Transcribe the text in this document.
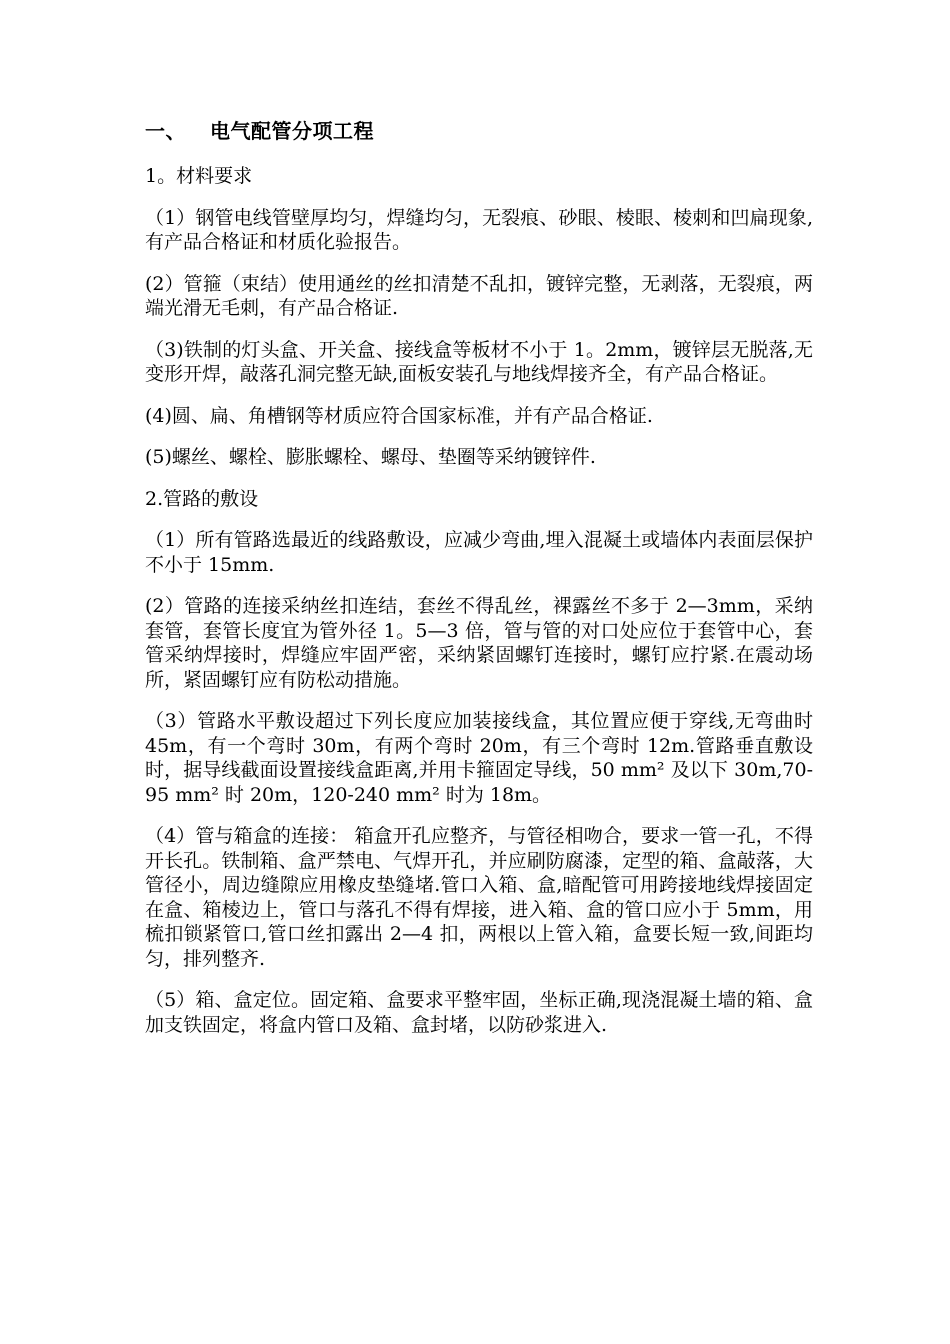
一、 电气配管分项工程

1。材料要求

（1）钢管电线管壁厚均匀，焊缝均匀，无裂痕、砂眼、棱眼、棱刺和凹扁现象,有产品合格证和材质化验报告。

(2）管箍（束结）使用通丝的丝扣清楚不乱扣，镀锌完整，无剥落，无裂痕，两端光滑无毛刺，有产品合格证.

（3)铁制的灯头盒、开关盒、接线盒等板材不小于 1。2mm，镀锌层无脱落,无变形开焊，敲落孔洞完整无缺,面板安装孔与地线焊接齐全，有产品合格证。

(4)圆、扁、角槽钢等材质应符合国家标准，并有产品合格证.

(5)螺丝、螺栓、膨胀螺栓、螺母、垫圈等采纳镀锌件.

2.管路的敷设

（1）所有管路选最近的线路敷设，应减少弯曲,埋入混凝土或墙体内表面层保护不小于 15mm.

(2）管路的连接采纳丝扣连结，套丝不得乱丝，裸露丝不多于 2—3mm，采纳套管，套管长度宜为管外径 1。5—3 倍，管与管的对口处应位于套管中心，套管采纳焊接时，焊缝应牢固严密，采纳紧固螺钉连接时，螺钉应拧紧.在震动场所，紧固螺钉应有防松动措施。

（3）管路水平敷设超过下列长度应加装接线盒，其位置应便于穿线,无弯曲时 45m，有一个弯时 30m，有两个弯时 20m，有三个弯时 12m.管路垂直敷设时，据导线截面设置接线盒距离,并用卡箍固定导线，50 mm² 及以下 30m,70-95 mm² 时 20m，120-240 mm² 时为 18m。

（4）管与箱盒的连接： 箱盒开孔应整齐，与管径相吻合，要求一管一孔，不得开长孔。铁制箱、盒严禁电、气焊开孔，并应刷防腐漆，定型的箱、盒敲落，大管径小，周边缝隙应用橡皮垫缝堵.管口入箱、盒,暗配管可用跨接地线焊接固定在盒、箱棱边上，管口与落孔不得有焊接，进入箱、盒的管口应小于 5mm，用梳扣锁紧管口,管口丝扣露出 2—4 扣，两根以上管入箱，盒要长短一致,间距均匀，排列整齐.

（5）箱、盒定位。固定箱、盒要求平整牢固，坐标正确,现浇混凝土墙的箱、盒加支铁固定，将盒内管口及箱、盒封堵，以防砂浆进入.
